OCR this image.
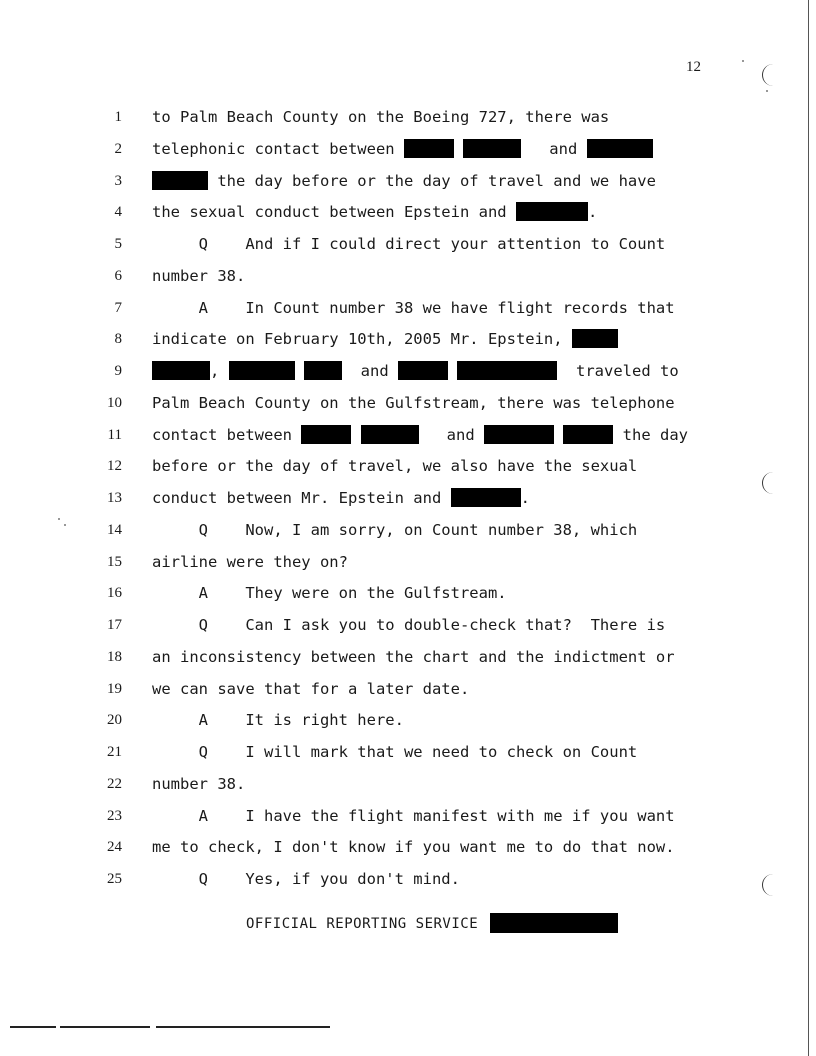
12
1 to Palm Beach County on the Boeing 727, there was
2 telephonic contact between	and
3	the day before or the day of travel and we have
4 the sexual conduct between Epstein and	.
5 Q    And if I could direct your attention to Count
6 number 38.
7 A    In Count number 38 we have flight records that
8 indicate on February 10th, 2005 Mr. Epstein,
9	,	and	traveled to
10 Palm Beach County on the Gulfstream, there was telephone
11 contact between	and	the day
12 before or the day of travel, we also have the sexual
13 conduct between Mr. Epstein and	.
14 Q    Now, I am sorry, on Count number 38, which
15 airline were they on?
16 A    They were on the Gulfstream.
17 Q    Can I ask you to double-check that?  There is
18 an inconsistency between the chart and the indictment or
19 we can save that for a later date.
20 A    It is right here.
21 Q    I will mark that we need to check on Count
22 number 38.
23 A    I have the flight manifest with me if you want
24 me to check, I don't know if you want me to do that now.
25 Q    Yes, if you don't mind.
OFFICIAL REPORTING SERVICE
